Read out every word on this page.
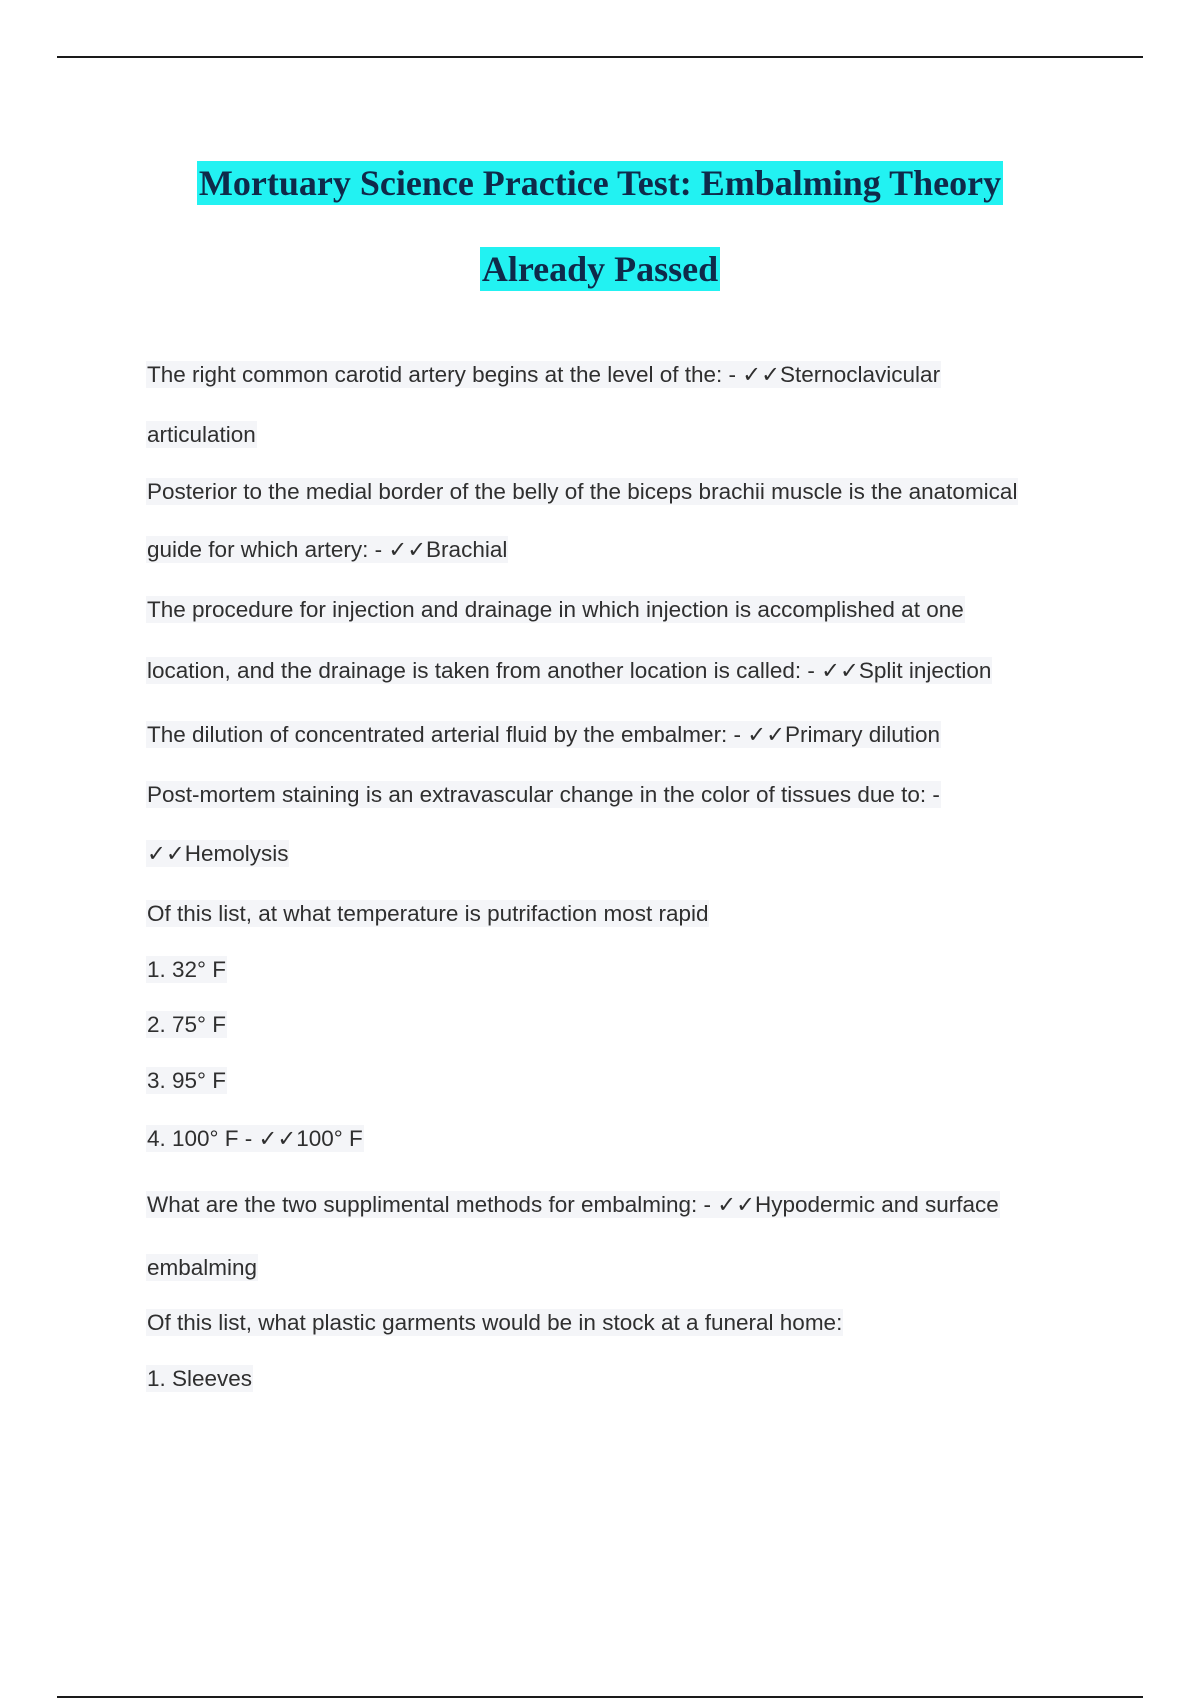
Mortuary Science Practice Test: Embalming Theory
Already Passed
The right common carotid artery begins at the level of the: - ✓✓Sternoclavicular
articulation
Posterior to the medial border of the belly of the biceps brachii muscle is the anatomical
guide for which artery: - ✓✓Brachial
The procedure for injection and drainage in which injection is accomplished at one
location, and the drainage is taken from another location is called: - ✓✓Split injection
The dilution of concentrated arterial fluid by the embalmer: - ✓✓Primary dilution
Post-mortem staining is an extravascular change in the color of tissues due to: -
✓✓Hemolysis
Of this list, at what temperature is putrifaction most rapid
1. 32° F
2. 75° F
3. 95° F
4. 100° F - ✓✓100° F
What are the two supplimental methods for embalming: - ✓✓Hypodermic and surface
embalming
Of this list, what plastic garments would be in stock at a funeral home:
1. Sleeves
